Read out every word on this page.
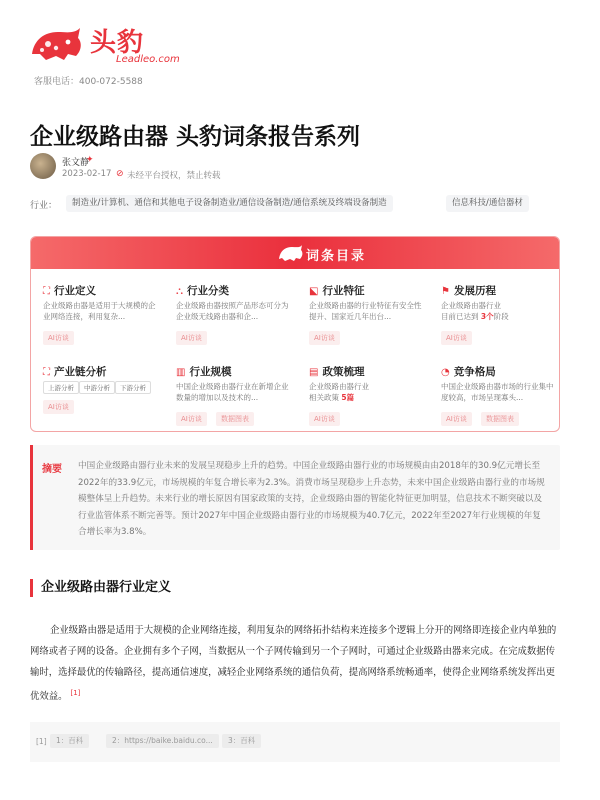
头豹
Leadleo.com
客服电话：400-072-5588
企业级路由器 头豹词条报告系列
张文静
✦
2023-02-17 ⊘ 未经平台授权，禁止转载
行业：	制造业/计算机、通信和其他电子设备制造业/通信设备制造/通信系统及终端设备制造	信息科技/通信器材
词条目录
⛶ 行业定义
企业级路由器是适用于大规模的企业网络连接，利用复杂...
AI访谈
⛬ 行业分类
企业级路由器按照产品形态可分为企业级无线路由器和企...
AI访谈
⬕ 行业特征
企业级路由器的行业特征有安全性提升、国家近几年出台...
AI访谈
⚑ 发展历程
企业级路由器行业
目前已达到 3个阶段
AI访谈
⛶ 产业链分析
上游分析	中游分析	下游分析
AI访谈
▥ 行业规模
中国企业级路由器行业在新增企业数量的增加以及技术的...
AI访谈	数据图表
▤ 政策梳理
企业级路由器行业
相关政策 5篇
AI访谈
◔ 竞争格局
中国企业级路由器市场的行业集中度较高，市场呈现寡头...
AI访谈	数据图表
摘要 中国企业级路由器行业未来的发展呈现稳步上升的趋势。中国企业级路由器行业的市场规模由由2018年的30.9亿元增长至2022年的33.9亿元，市场规模的年复合增长率为2.3%。消费市场呈现稳步上升态势，未来中国企业级路由器行业的市场规模整体呈上升趋势。未来行业的增长原因有国家政策的支持，企业级路由器的智能化特征更加明显，信息技术不断突破以及行业监管体系不断完善等。预计2027年中国企业级路由器行业的市场规模为40.7亿元，2022年至2027年行业规模的年复合增长率为3.8%。

企业级路由器行业定义

企业级路由器是适用于大规模的企业网络连接，利用复杂的网络拓扑结构来连接多个逻辑上分开的网络即连接企业内单独的网络或者子网的设备。企业拥有多个子网，当数据从一个子网传输到另一个子网时，可通过企业级路由器来完成。在完成数据传输时，选择最优的传输路径，提高通信速度，减轻企业网络系统的通信负荷，提高网络系统畅通率，使得企业网络系统发挥出更优效益。 [1]

[1]	1：百科	2：https://baike.baidu.co...	3：百科
